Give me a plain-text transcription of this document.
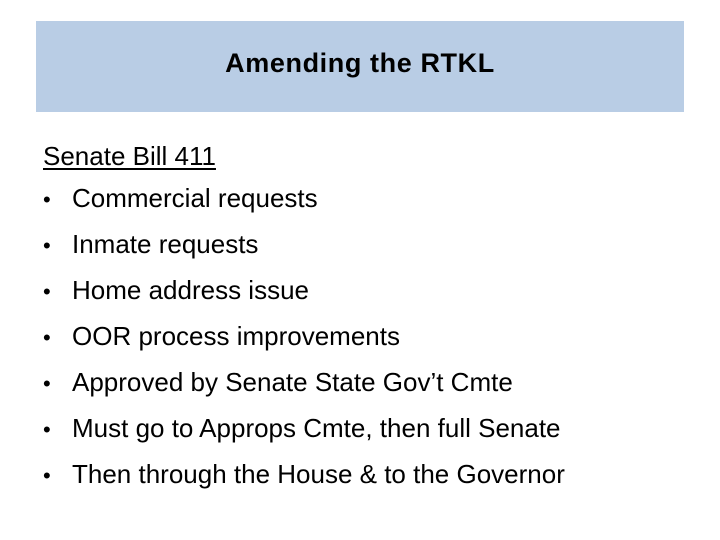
Amending the RTKL
Senate Bill 411
• Commercial requests
• Inmate requests
• Home address issue
• OOR process improvements
• Approved by Senate State Gov’t Cmte
• Must go to Approps Cmte, then full Senate
• Then through the House & to the Governor
